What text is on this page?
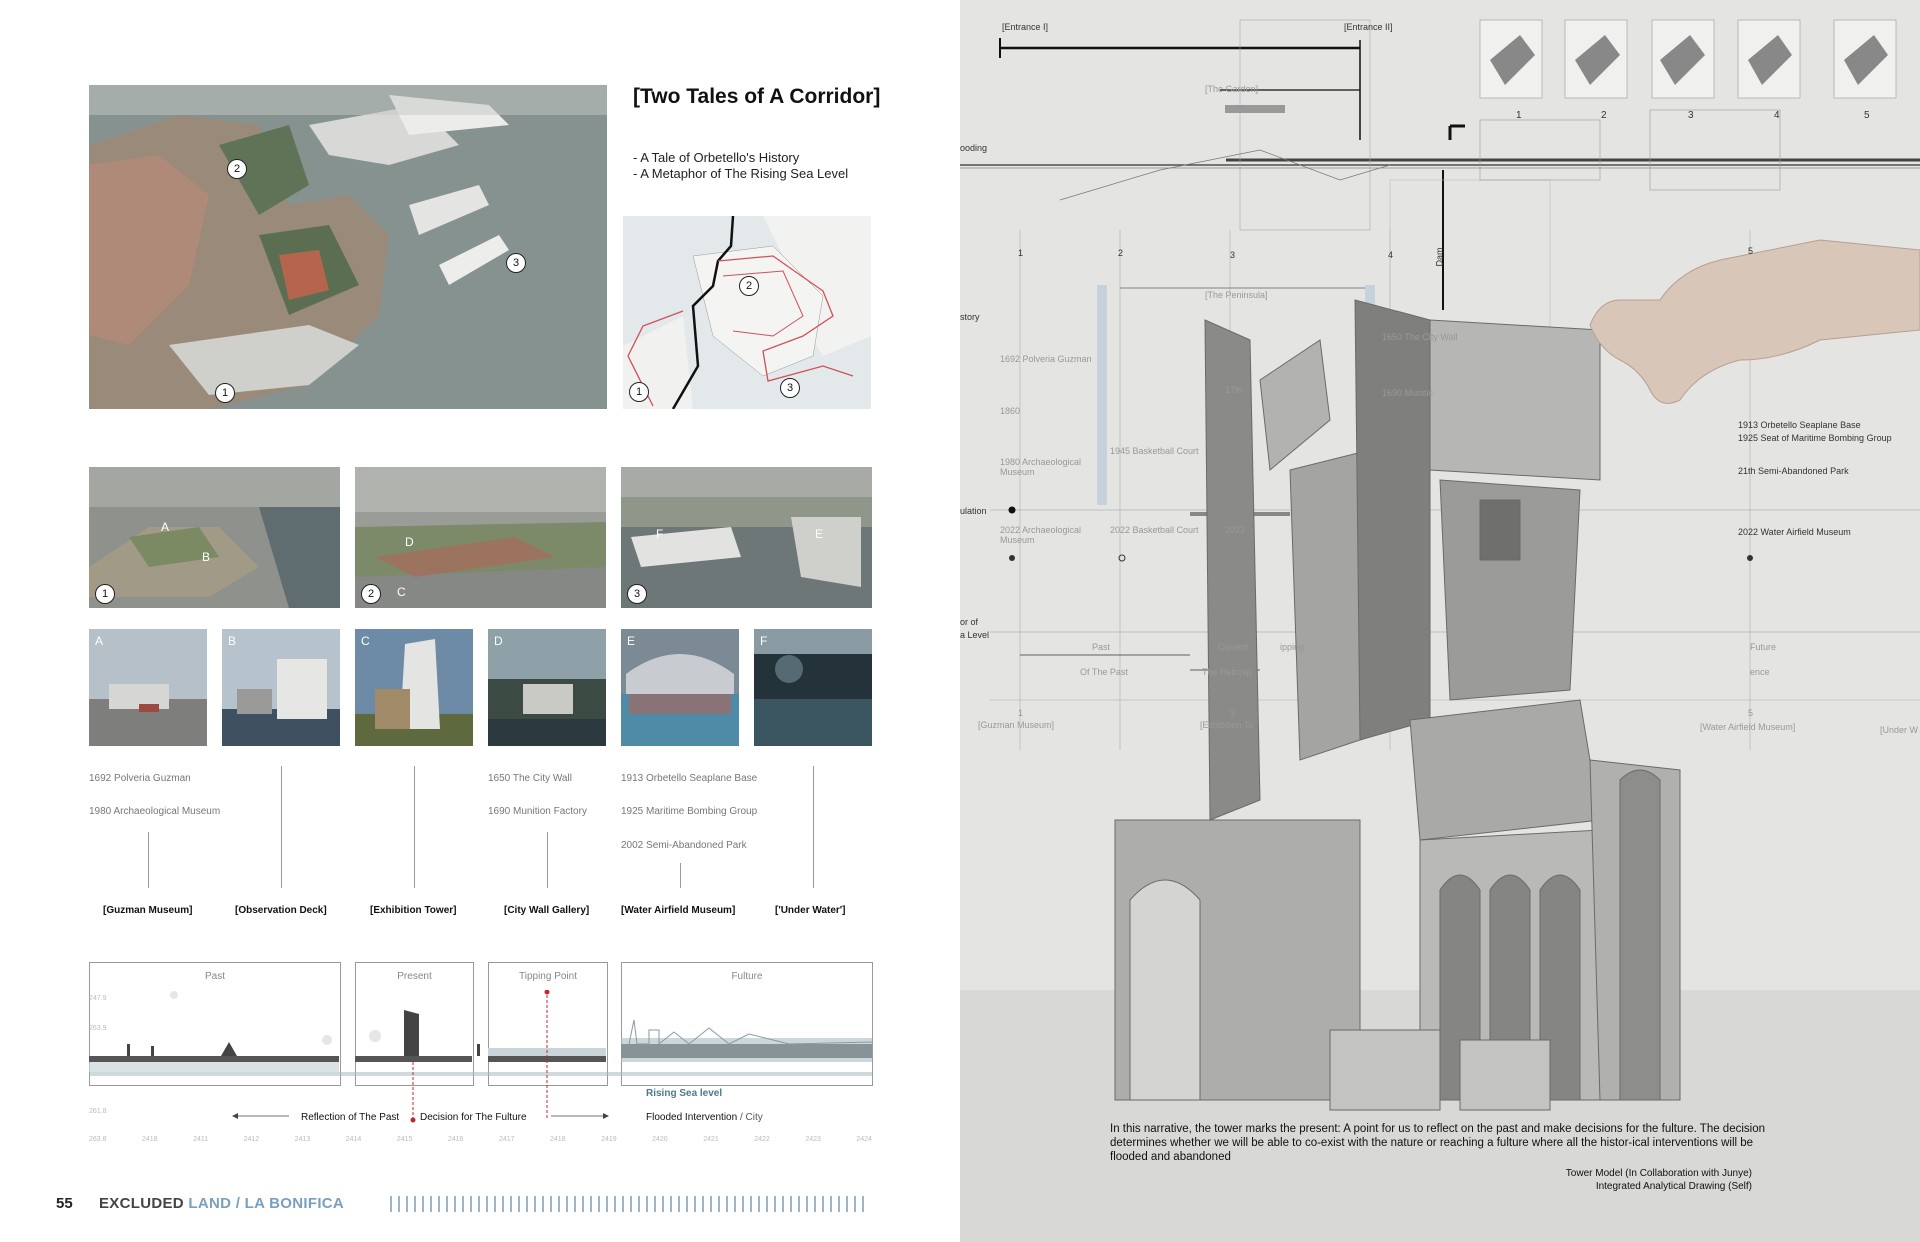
2
3
1
[Two Tales of A Corridor]
- A Tale of Orbetello's History
- A Metaphor of The Rising Sea Level
2
1	3
A
B
1
D
C
2
F	E
3
A	B	C	D	E	F
1692 Polveria Guzman
1980 Archaeological Museum
1650 The City Wall
1690 Munition Factory
1913 Orbetello Seaplane Base
1925 Maritime Bombing Group
2002 Semi-Abandoned Park
[Guzman Museum]	[Observation Deck]	[Exhibition Tower]	[City Wall Gallery]	[Water Airfield Museum]	['Under Water']
Past	Present	Tipping Point	Fulture
Rising Sea level
Reflection of The Past Decision for The Fulture	Flooded Intervention / City
247.9
263.9
261.8
263.8	2418	2411	2412	2413	2414	2415	2416	2417	2418	2419	2420	2421	2422	2423	2424
55 EXCLUDED LAND / LA BONIFICA
[Entrance I]	[Entrance II]
[The Garden]
[The Peninsula]
ooding
story
ulation
or of
a Level
Dam
1	2	3	4	5
1	2	3	4	5
1692 Polveria Guzman
1860
1980 Archaeological Museum
2022 Archaeological Museum
17th
1945 Basketball Court
2022 Basketball Court	2022
1650 The City Wall
1690 Munitic
1913 Orbetello Seaplane Base
1925 Seat of Maritime Bombing Group
21th Semi-Abandoned Park
2022 Water Airfield Museum
Past
Of The Past
Current
The Retrosp
ipping	Future
ence
1	3	5
[Guzman Museum]	[Exhibition To	[Water Airfield Museum]	[Under W
In this narrative, the tower marks the present: A point for us to reflect on the past and make decisions for the fulture. The decision determines whether we will be able to co-exist with the nature or reaching a fulture where all the histor-ical interventions will be flooded and abandoned
Tower Model (In Collaboration with Junye)
Integrated Analytical Drawing (Self)
